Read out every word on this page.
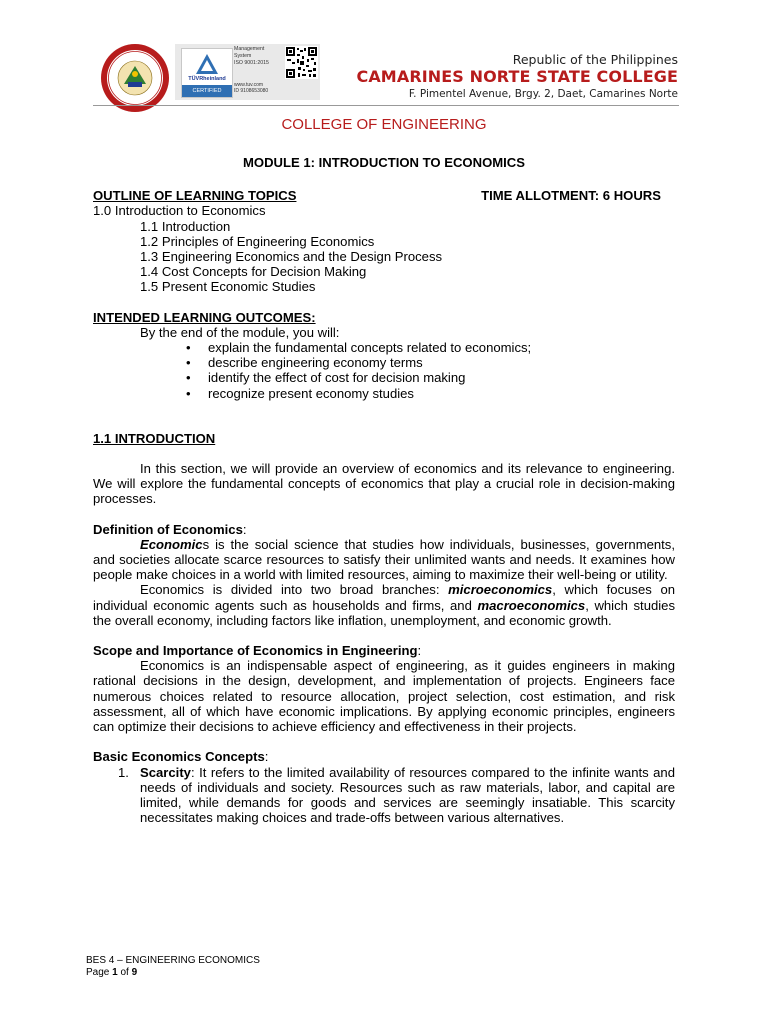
TÜVRheinland
CERTIFIED
Management
System
ISO 9001:2015
www.tuv.com
ID 9108653080
Republic of the Philippines
CAMARINES NORTE STATE COLLEGE
F. Pimentel Avenue, Brgy. 2, Daet, Camarines Norte
COLLEGE OF ENGINEERING

MODULE 1: INTRODUCTION TO ECONOMICS

OUTLINE OF LEARNING TOPICS	TIME ALLOTMENT: 6 HOURS

1.0 Introduction to Economics

1.1 Introduction

1.2 Principles of Engineering Economics

1.3 Engineering Economics and the Design Process

1.4 Cost Concepts for Decision Making

1.5 Present Economic Studies

INTENDED LEARNING OUTCOMES:

By the end of the module, you will:

• explain the fundamental concepts related to economics;
• describe engineering economy terms
• identify the effect of cost for decision making
• recognize present economy studies

1.1 INTRODUCTION

In this section, we will provide an overview of economics and its relevance to engineering. We will explore the fundamental concepts of economics that play a crucial role in decision-making processes.

Definition of Economics:

Economics is the social science that studies how individuals, businesses, governments, and societies allocate scarce resources to satisfy their unlimited wants and needs. It examines how people make choices in a world with limited resources, aiming to maximize their well-being or utility.

Economics is divided into two broad branches: microeconomics, which focuses on individual economic agents such as households and firms, and macroeconomics, which studies the overall economy, including factors like inflation, unemployment, and economic growth.

Scope and Importance of Economics in Engineering:

Economics is an indispensable aspect of engineering, as it guides engineers in making rational decisions in the design, development, and implementation of projects. Engineers face numerous choices related to resource allocation, project selection, cost estimation, and risk assessment, all of which have economic implications. By applying economic principles, engineers can optimize their decisions to achieve efficiency and effectiveness in their projects.

Basic Economics Concepts:

1. Scarcity: It refers to the limited availability of resources compared to the infinite wants and needs of individuals and society. Resources such as raw materials, labor, and capital are limited, while demands for goods and services are seemingly insatiable. This scarcity necessitates making choices and trade-offs between various alternatives.
BES 4 – ENGINEERING ECONOMICS
Page 1 of 9
